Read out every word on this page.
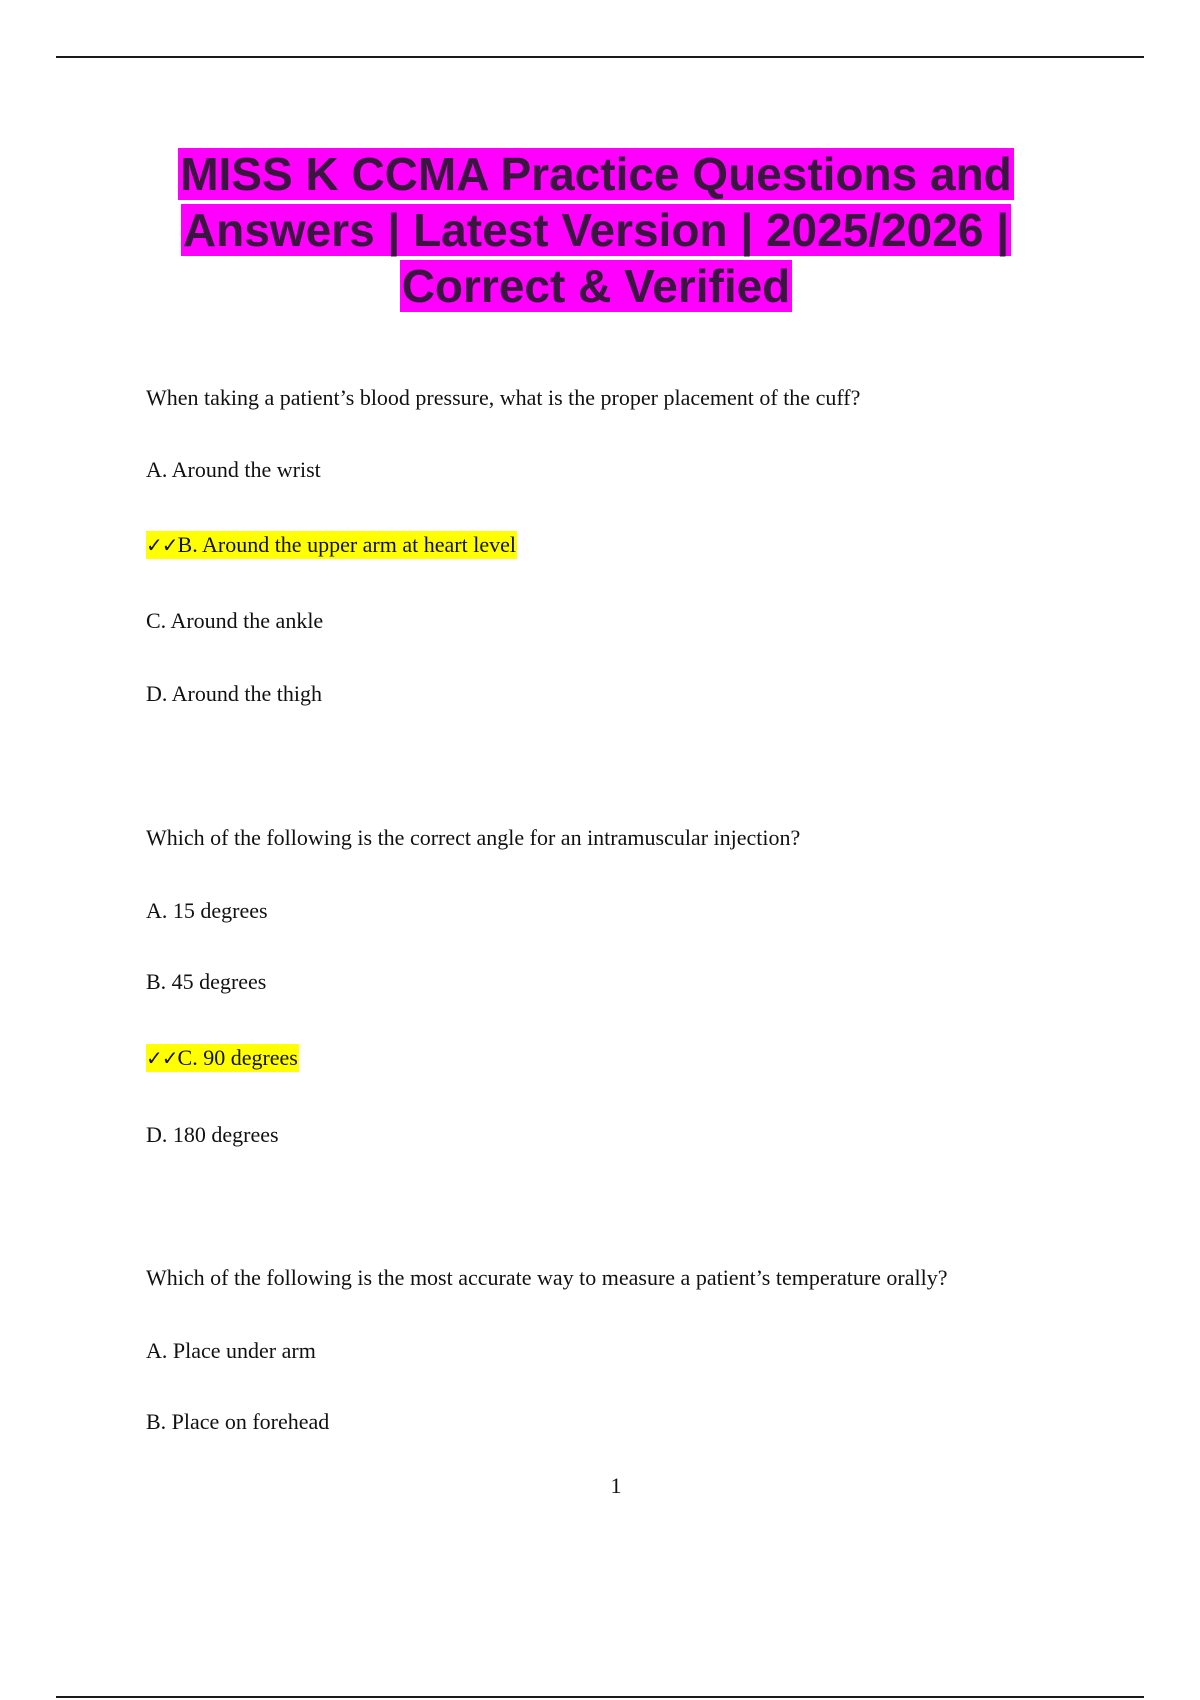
MISS K CCMA Practice Questions and Answers | Latest Version | 2025/2026 | Correct & Verified
When taking a patient’s blood pressure, what is the proper placement of the cuff?
A. Around the wrist
✓✓B. Around the upper arm at heart level
C. Around the ankle
D. Around the thigh
Which of the following is the correct angle for an intramuscular injection?
A. 15 degrees
B. 45 degrees
✓✓C. 90 degrees
D. 180 degrees
Which of the following is the most accurate way to measure a patient’s temperature orally?
A. Place under arm
B. Place on forehead
1
